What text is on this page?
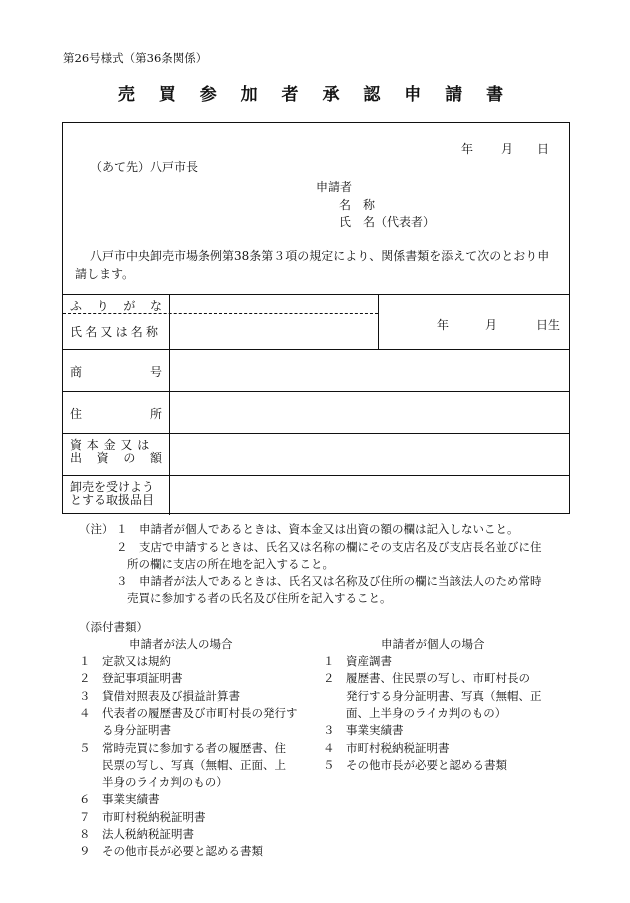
第26号様式（第36条関係）
売 買 参 加 者 承 認 申 請 書
年 月 日
（あて先）八戸市長
申請者
名　称
氏　名（代表者）
八戸市中央卸売市場条例第38条第３項の規定により、関係書類を添えて次のとおり申
請します。
ふ り が な
氏名又は名称
商	号
住	所
資本金又は
出 資 の 額
卸売を受けよう
とする取扱品目
年	月	日生
（注） １　申請者が個人であるときは、資本金又は出資の額の欄は記入しないこと。
２　支店で申請するときは、氏名又は名称の欄にその支店名及び支店長名並びに住
所の欄に支店の所在地を記入すること。
３　申請者が法人であるときは、氏名又は名称及び住所の欄に当該法人のため常時
売買に参加する者の氏名及び住所を記入すること。
（添付書類）
申請者が法人の場合	申請者が個人の場合
１　定款又は規約
２　登記事項証明書
３　貸借対照表及び損益計算書
４　代表者の履歴書及び市町村長の発行す
　　る身分証明書
５　常時売買に参加する者の履歴書、住
　　民票の写し、写真（無帽、正面、上
　　半身のライカ判のもの）
６　事業実績書
７　市町村税納税証明書
８　法人税納税証明書
９　その他市長が必要と認める書類
１　資産調書
２　履歴書、住民票の写し、市町村長の
　　発行する身分証明書、写真（無帽、正
　　面、上半身のライカ判のもの）
３　事業実績書
４　市町村税納税証明書
５　その他市長が必要と認める書類
